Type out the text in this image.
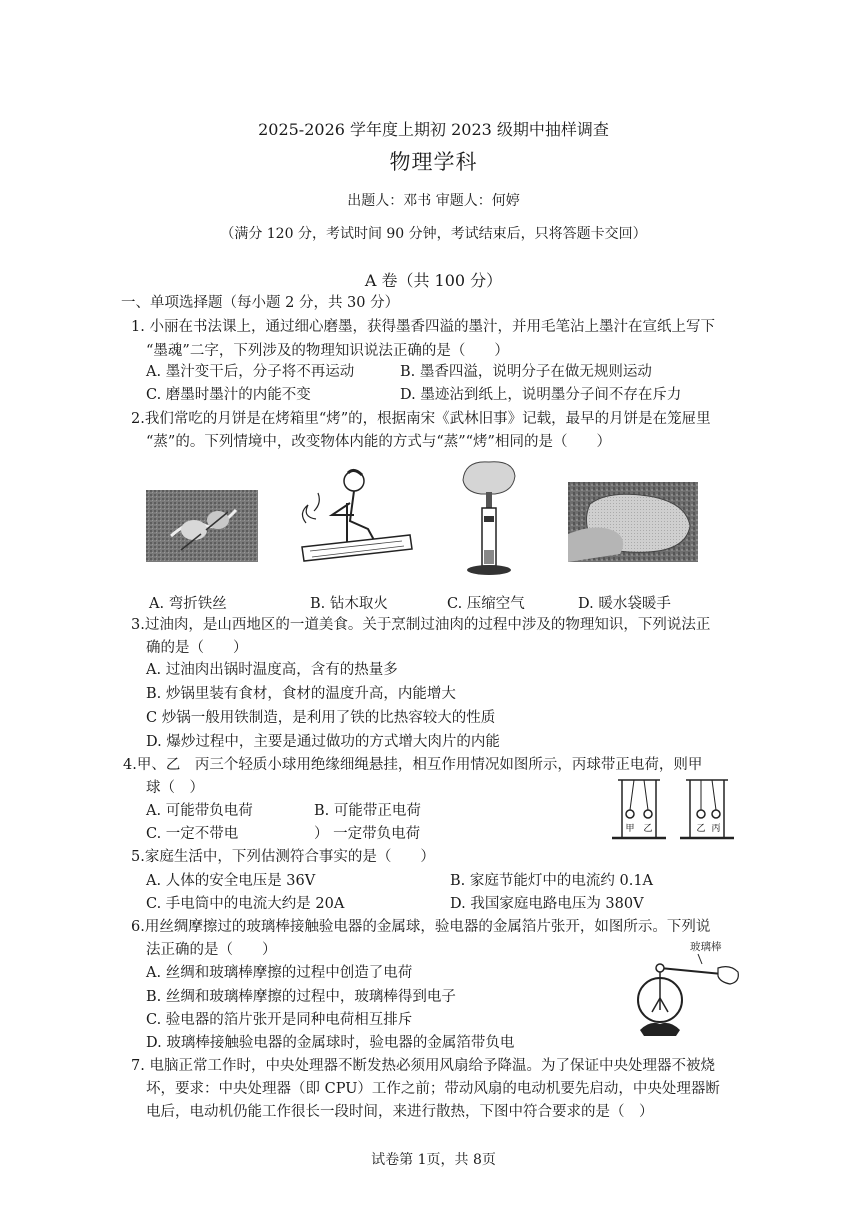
2025-2026 学年度上期初 2023 级期中抽样调查
物理学科
出题人：邓书 审题人：何婷
（满分 120 分，考试时间 90 分钟，考试结束后，只将答题卡交回）
A 卷（共 100 分）
一、单项选择题（每小题 2 分，共 30 分）
1. 小丽在书法课上，通过细心磨墨，获得墨香四溢的墨汁，并用毛笔沾上墨汁在宣纸上写下
“墨魂”二字，下列涉及的物理知识说法正确的是（　　）
A. 墨汁变干后，分子将不再运动	B. 墨香四溢，说明分子在做无规则运动
C. 磨墨时墨汁的内能不变	D. 墨迹沾到纸上，说明墨分子间不存在斥力
2.我们常吃的月饼是在烤箱里“烤”的，根据南宋《武林旧事》记载，最早的月饼是在笼屉里
“蒸”的。下列情境中，改变物体内能的方式与“蒸”“烤”相同的是（　　）
A. 弯折铁丝	B. 钻木取火	C. 压缩空气	D. 暖水袋暖手
3.过油肉，是山西地区的一道美食。关于烹制过油肉的过程中涉及的物理知识，下列说法正
确的是（　　）
A. 过油肉出锅时温度高，含有的热量多
B. 炒锅里装有食材，食材的温度升高，内能增大
C 炒锅一般用铁制造，是利用了铁的比热容较大的性质
D. 爆炒过程中，主要是通过做功的方式增大肉片的内能
4.甲、乙　丙三个轻质小球用绝缘细绳悬挂，相互作用情况如图所示，丙球带正电荷，则甲
球（　）
A. 可能带负电荷	B. 可能带正电荷
C. 一定不带电	） 一定带负电荷	甲 乙	乙 丙
5.家庭生活中，下列估测符合事实的是（　　）
A. 人体的安全电压是 36V	B. 家庭节能灯中的电流约 0.1A
C. 手电筒中的电流大约是 20A	D. 我国家庭电路电压为 380V
6.用丝绸摩擦过的玻璃棒接触验电器的金属球，验电器的金属箔片张开，如图所示。下列说
法正确的是（　　）
A. 丝绸和玻璃棒摩擦的过程中创造了电荷
B. 丝绸和玻璃棒摩擦的过程中，玻璃棒得到电子
C. 验电器的箔片张开是同种电荷相互排斥
D. 玻璃棒接触验电器的金属球时，验电器的金属箔带负电
玻璃棒
7. 电脑正常工作时，中央处理器不断发热必须用风扇给予降温。为了保证中央处理器不被烧
坏，要求：中央处理器（即 CPU）工作之前；带动风扇的电动机要先启动，中央处理器断
电后，电动机仍能工作很长一段时间，来进行散热，下图中符合要求的是（　）
试卷第 1页，共 8页
